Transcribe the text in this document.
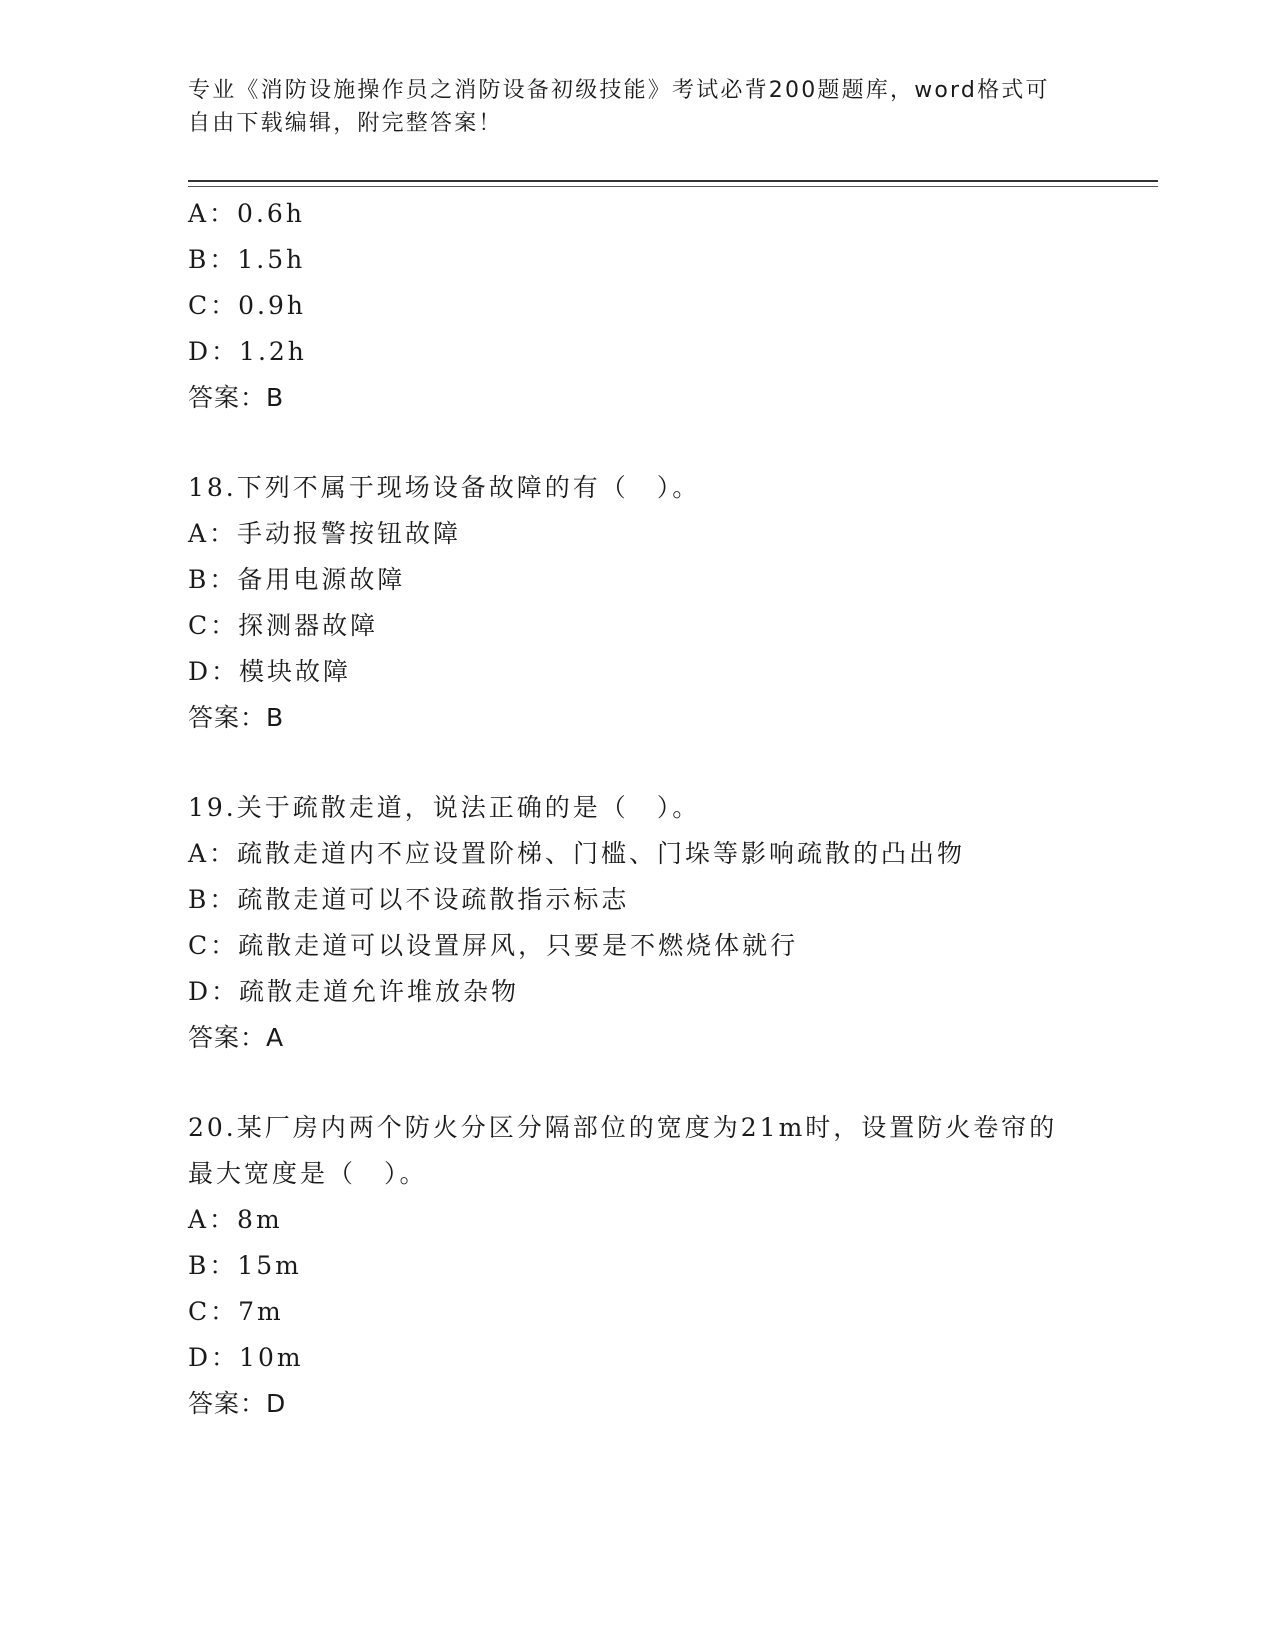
专业《消防设施操作员之消防设备初级技能》考试必背200题题库，word格式可自由下载编辑，附完整答案！
A：0.6h
B：1.5h
C：0.9h
D：1.2h
答案：B
18.下列不属于现场设备故障的有（　）。
A：手动报警按钮故障
B：备用电源故障
C：探测器故障
D：模块故障
答案：B
19.关于疏散走道，说法正确的是（　）。
A：疏散走道内不应设置阶梯、门槛、门垛等影响疏散的凸出物
B：疏散走道可以不设疏散指示标志
C：疏散走道可以设置屏风，只要是不燃烧体就行
D：疏散走道允许堆放杂物
答案：A
20.某厂房内两个防火分区分隔部位的宽度为21m时，设置防火卷帘的最大宽度是（　）。
A：8m
B：15m
C：7m
D：10m
答案：D
